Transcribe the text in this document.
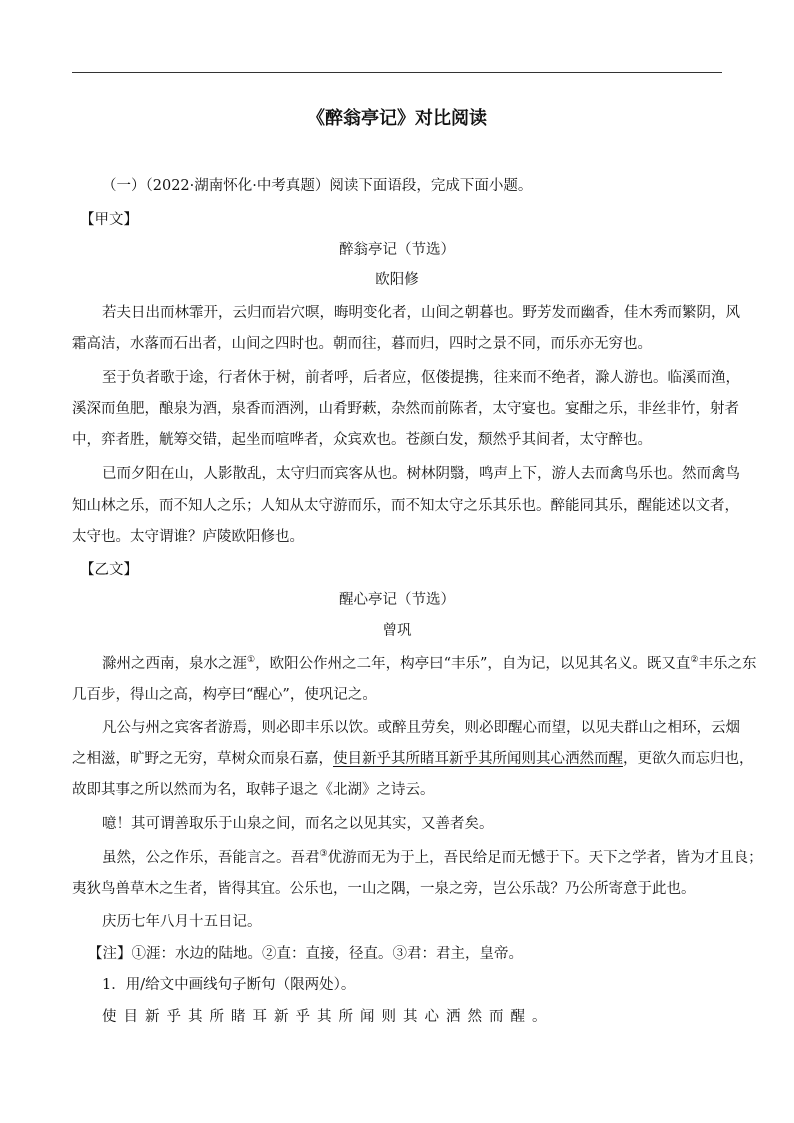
《醉翁亭记》对比阅读
（一）（2022·湖南怀化·中考真题）阅读下面语段，完成下面小题。
【甲文】
醉翁亭记（节选）
欧阳修
若夫日出而林霏开，云归而岩穴暝，晦明变化者，山间之朝暮也。野芳发而幽香，佳木秀而繁阴，风
霜高洁，水落而石出者，山间之四时也。朝而往，暮而归，四时之景不同，而乐亦无穷也。
至于负者歌于途，行者休于树，前者呼，后者应，伛偻提携，往来而不绝者，滁人游也。临溪而渔，
溪深而鱼肥，酿泉为酒，泉香而酒洌，山肴野蔌，杂然而前陈者，太守宴也。宴酣之乐，非丝非竹，射者
中，弈者胜，觥筹交错，起坐而喧哗者，众宾欢也。苍颜白发，颓然乎其间者，太守醉也。
已而夕阳在山，人影散乱，太守归而宾客从也。树林阴翳，鸣声上下，游人去而禽鸟乐也。然而禽鸟
知山林之乐，而不知人之乐；人知从太守游而乐，而不知太守之乐其乐也。醉能同其乐，醒能述以文者，
太守也。太守谓谁？庐陵欧阳修也。
【乙文】
醒心亭记（节选）
曾巩
滁州之西南，泉水之涯①，欧阳公作州之二年，构亭曰“丰乐”，自为记，以见其名义。既又直②丰乐之东
几百步，得山之高，构亭曰“醒心”，使巩记之。
凡公与州之宾客者游焉，则必即丰乐以饮。或醉且劳矣，则必即醒心而望，以见夫群山之相环，云烟
之相滋，旷野之无穷，草树众而泉石嘉，使目新乎其所睹耳新乎其所闻则其心洒然而醒，更欲久而忘归也，
故即其事之所以然而为名，取韩子退之《北湖》之诗云。
噫！其可谓善取乐于山泉之间，而名之以见其实，又善者矣。
虽然，公之作乐，吾能言之。吾君③优游而无为于上，吾民给足而无憾于下。天下之学者，皆为才且良；
夷狄鸟兽草木之生者，皆得其宜。公乐也，一山之隅，一泉之旁，岂公乐哉？乃公所寄意于此也。
庆历七年八月十五日记。
【注】①涯：水边的陆地。②直：直接，径直。③君：君主，皇帝。
1．用/给文中画线句子断句（限两处）。
使目新乎其所睹耳新乎其所闻则其心洒然而醒。
